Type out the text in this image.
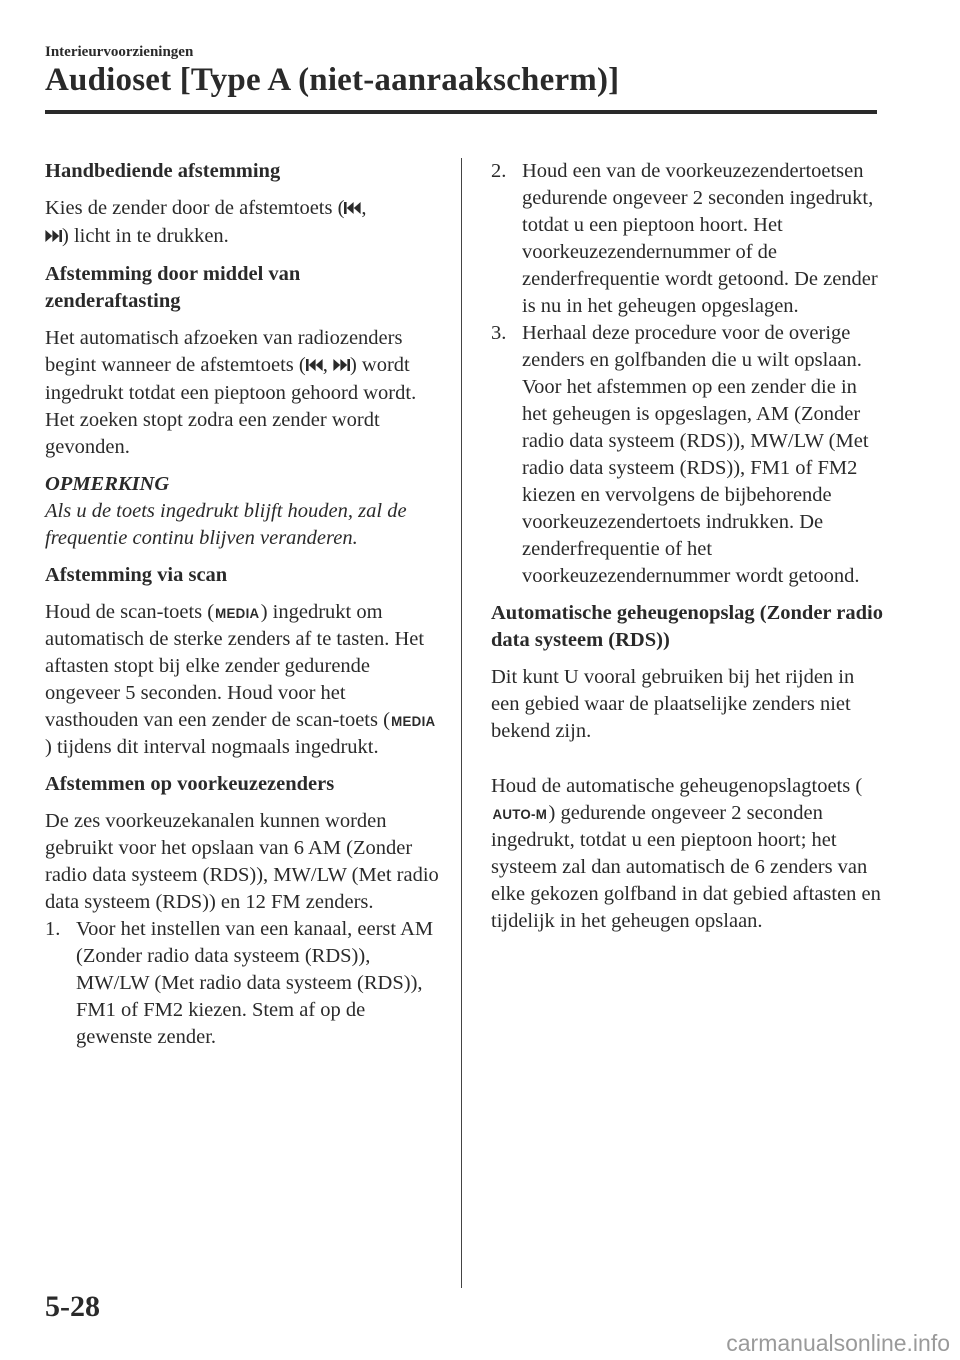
Interieurvoorzieningen
Audioset [Type A (niet-aanraakscherm)]
Handbediende afstemming
Kies de zender door de afstemtoets ( ,
) licht in te drukken.
Afstemming door middel van zenderaftasting
Het automatisch afzoeken van radiozenders begint wanneer de afstemtoets ( , ) wordt ingedrukt totdat een pieptoon gehoord wordt. Het zoeken stopt zodra een zender wordt gevonden.
OPMERKING
Als u de toets ingedrukt blijft houden, zal de frequentie continu blijven veranderen.
Afstemming via scan
Houd de scan-toets (MEDIA) ingedrukt om automatisch de sterke zenders af te tasten. Het aftasten stopt bij elke zender gedurende ongeveer 5 seconden. Houd voor het vasthouden van een zender de scan-toets (MEDIA) tijdens dit interval nogmaals ingedrukt.
Afstemmen op voorkeuzezenders
De zes voorkeuzekanalen kunnen worden gebruikt voor het opslaan van 6 AM (Zonder radio data systeem (RDS)), MW/LW (Met radio data systeem (RDS)) en 12 FM zenders.
1. Voor het instellen van een kanaal, eerst AM (Zonder radio data systeem (RDS)), MW/LW (Met radio data systeem (RDS)), FM1 of FM2 kiezen. Stem af op de gewenste zender.
2. Houd een van de voorkeuzezendertoetsen gedurende ongeveer 2 seconden ingedrukt, totdat u een pieptoon hoort. Het voorkeuzezendernummer of de zenderfrequentie wordt getoond. De zender is nu in het geheugen opgeslagen.
3. Herhaal deze procedure voor de overige zenders en golfbanden die u wilt opslaan. Voor het afstemmen op een zender die in het geheugen is opgeslagen, AM (Zonder radio data systeem (RDS)), MW/LW (Met radio data systeem (RDS)), FM1 of FM2 kiezen en vervolgens de bijbehorende voorkeuzezendertoets indrukken. De zenderfrequentie of het voorkeuzezendernummer wordt getoond.
Automatische geheugenopslag (Zonder radio data systeem (RDS))
Dit kunt U vooral gebruiken bij het rijden in een gebied waar de plaatselijke zenders niet bekend zijn.
Houd de automatische geheugenopslagtoets (AUTO-M) gedurende ongeveer 2 seconden ingedrukt, totdat u een pieptoon hoort; het systeem zal dan automatisch de 6 zenders van elke gekozen golfband in dat gebied aftasten en tijdelijk in het geheugen opslaan.
5-28
carmanualsonline.info
